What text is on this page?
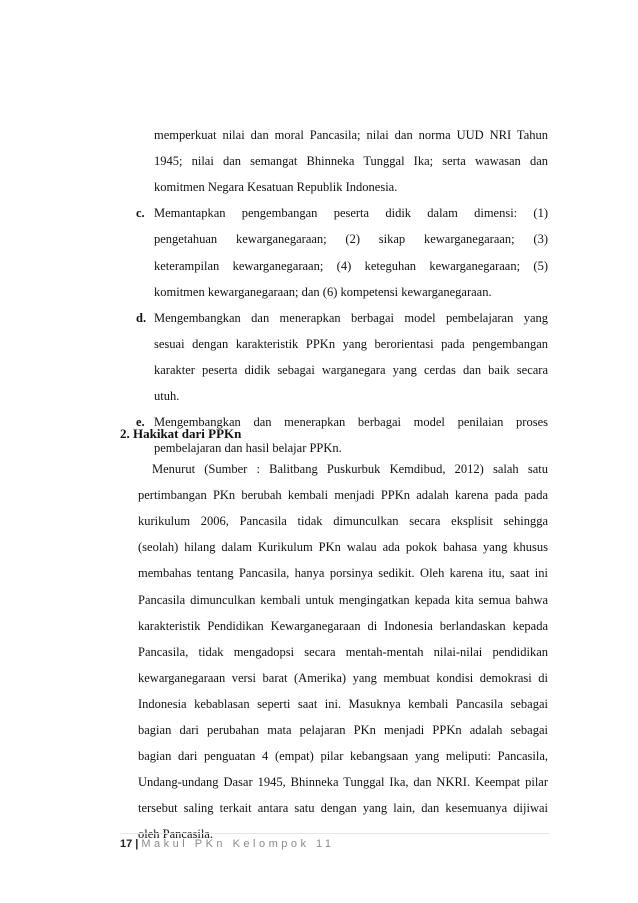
memperkuat nilai dan moral Pancasila; nilai dan norma UUD NRI Tahun
1945; nilai dan semangat Bhinneka Tunggal Ika; serta wawasan dan
komitmen Negara Kesatuan Republik Indonesia.
c. Memantapkan pengembangan peserta didik dalam dimensi: (1)
pengetahuan kewarganegaraan; (2) sikap kewarganegaraan; (3)
keterampilan kewarganegaraan; (4) keteguhan kewarganegaraan; (5)
komitmen kewarganegaraan; dan (6) kompetensi kewarganegaraan.
d. Mengembangkan dan menerapkan berbagai model pembelajaran yang
sesuai dengan karakteristik PPKn yang berorientasi pada pengembangan
karakter peserta didik sebagai warganegara yang cerdas dan baik secara
utuh.
e. Mengembangkan dan menerapkan berbagai model penilaian proses
pembelajaran dan hasil belajar PPKn.
2. Hakikat dari PPKn
Menurut (Sumber : Balitbang Puskurbuk Kemdibud, 2012) salah satu
pertimbangan PKn berubah kembali menjadi PPKn adalah karena pada pada
kurikulum 2006, Pancasila tidak dimunculkan secara eksplisit sehingga
(seolah) hilang dalam Kurikulum PKn walau ada pokok bahasa yang khusus
membahas tentang Pancasila, hanya porsinya sedikit. Oleh karena itu, saat ini
Pancasila dimunculkan kembali untuk mengingatkan kepada kita semua bahwa
karakteristik Pendidikan Kewarganegaraan di Indonesia berlandaskan kepada
Pancasila, tidak mengadopsi secara mentah-mentah nilai-nilai pendidikan
kewarganegaraan versi barat (Amerika) yang membuat kondisi demokrasi di
Indonesia kebablasan seperti saat ini. Masuknya kembali Pancasila sebagai
bagian dari perubahan mata pelajaran PKn menjadi PPKn adalah sebagai
bagian dari penguatan 4 (empat) pilar kebangsaan yang meliputi: Pancasila,
Undang-undang Dasar 1945, Bhinneka Tunggal Ika, dan NKRI. Keempat pilar
tersebut saling terkait antara satu dengan yang lain, dan kesemuanya dijiwai
oleh Pancasila.
17 | Makul PKn Kelompok 11
